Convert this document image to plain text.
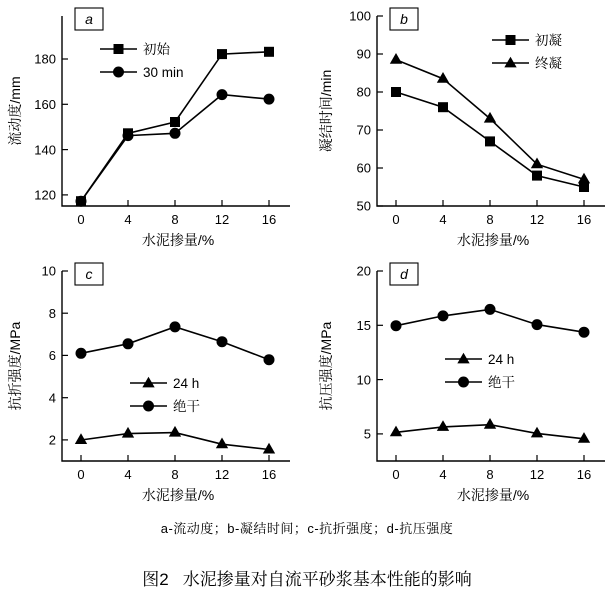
120
140
160
180
0	4	8	12	16
水泥掺量/%
流动度/mm
a
初始
30 min
50
60
70
80
90
100
0	4	8	12	16
水泥掺量/%
凝结时间/min
b
初凝
终凝
2
4
6
8
10
0	4	8	12	16
水泥掺量/%
抗折强度/MPa
c
24 h
绝干
5
10
15
20
0	4	8	12	16
水泥掺量/%
抗压强度/MPa
d
24 h
绝干
a-流动度；b-凝结时间；c-抗折强度；d-抗压强度
图2 水泥掺量对自流平砂浆基本性能的影响
